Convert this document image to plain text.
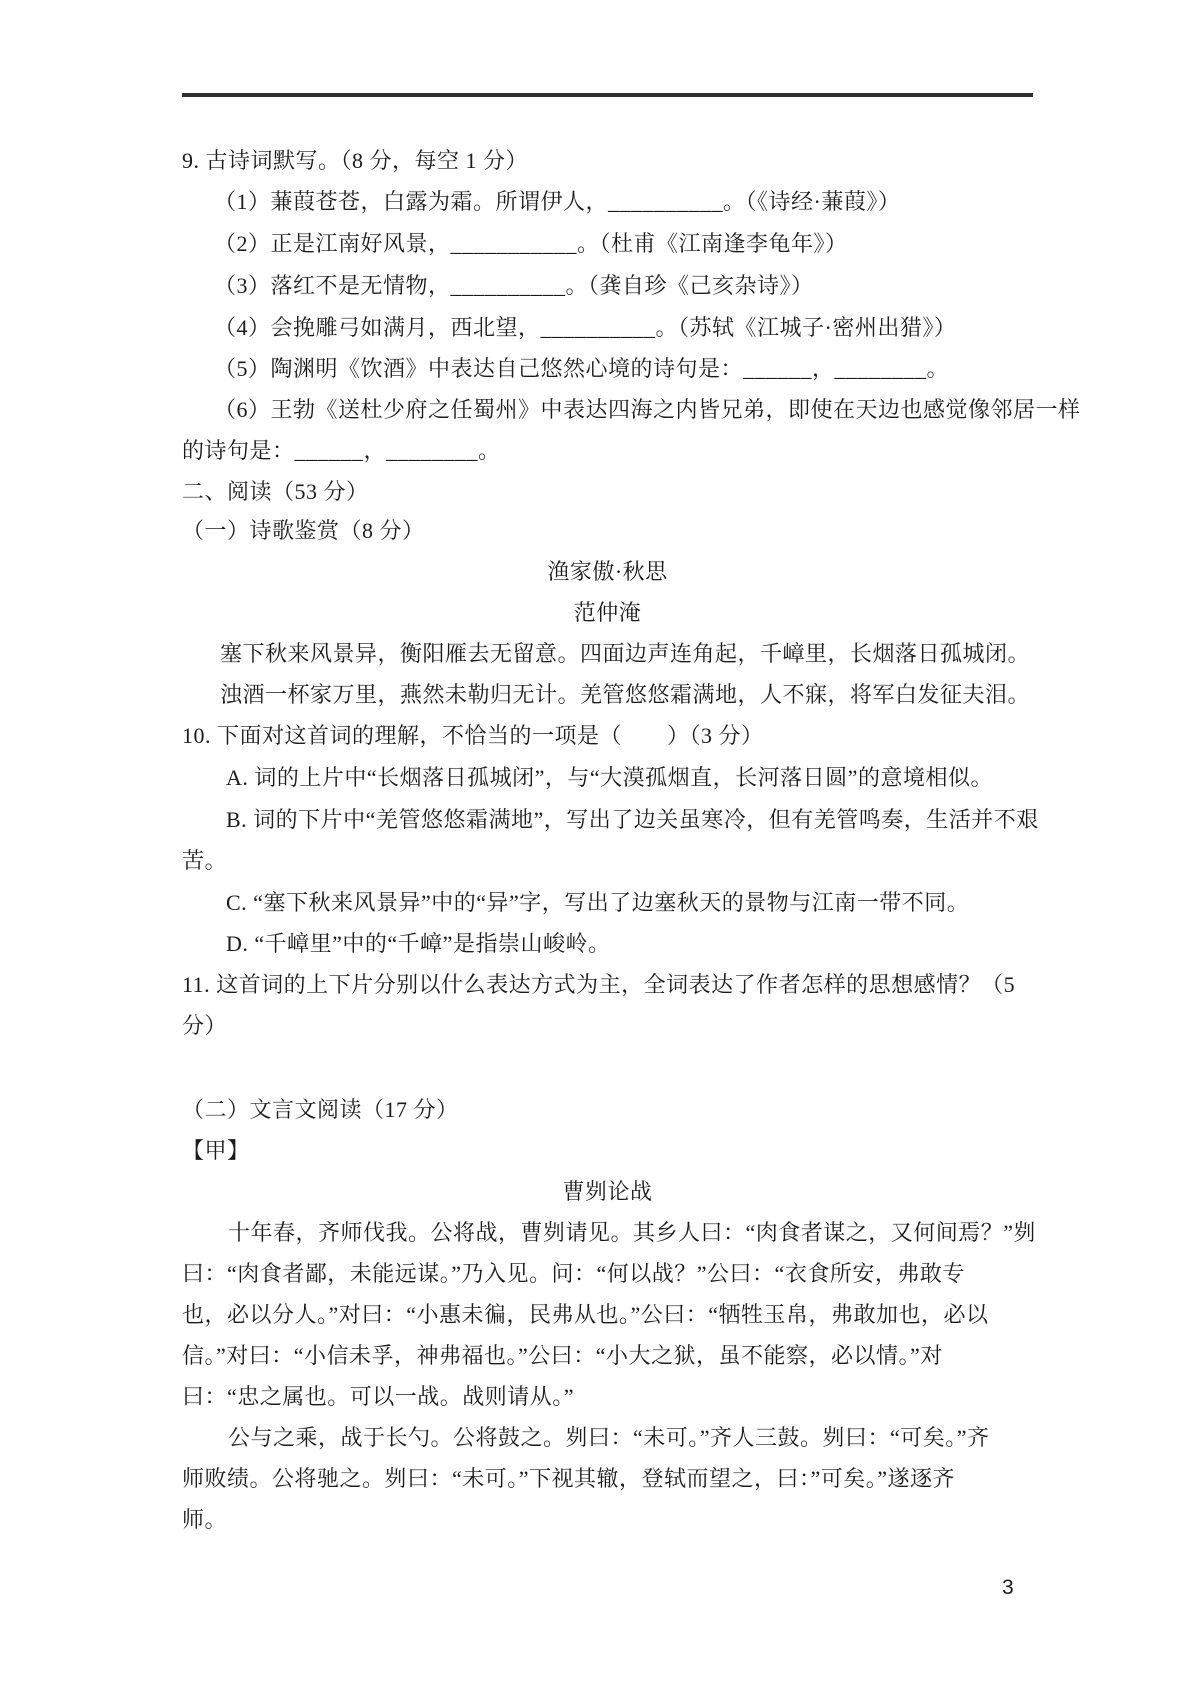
9. 古诗词默写。（8 分，每空 1 分）
（1）蒹葭苍苍，白露为霜。所谓伊人，__________。（《诗经·蒹葭》）
（2）正是江南好风景，___________。（杜甫《江南逢李龟年》）
（3）落红不是无情物，__________。（龚自珍《己亥杂诗》）
（4）会挽雕弓如满月，西北望，__________。（苏轼《江城子·密州出猎》）
（5）陶渊明《饮酒》中表达自己悠然心境的诗句是：______，________。
（6）王勃《送杜少府之任蜀州》中表达四海之内皆兄弟，即使在天边也感觉像邻居一样
的诗句是：______，________。
二、阅读（53 分）
（一）诗歌鉴赏（8 分）
渔家傲·秋思
范仲淹
塞下秋来风景异，衡阳雁去无留意。四面边声连角起，千嶂里，长烟落日孤城闭。
浊酒一杯家万里，燕然未勒归无计。羌管悠悠霜满地，人不寐，将军白发征夫泪。
10. 下面对这首词的理解，不恰当的一项是（　　）（3 分）
A. 词的上片中“长烟落日孤城闭”，与“大漠孤烟直，长河落日圆”的意境相似。
B. 词的下片中“羌管悠悠霜满地”，写出了边关虽寒冷，但有羌管鸣奏，生活并不艰
苦。
C. “塞下秋来风景异”中的“异”字，写出了边塞秋天的景物与江南一带不同。
D. “千嶂里”中的“千嶂”是指崇山峻岭。
11. 这首词的上下片分别以什么表达方式为主，全词表达了作者怎样的思想感情？（5
分）
（二）文言文阅读（17 分）
【甲】
曹刿论战
十年春，齐师伐我。公将战，曹刿请见。其乡人曰：“肉食者谋之，又何间焉？”刿
曰：“肉食者鄙，未能远谋。”乃入见。问：“何以战？”公曰：“衣食所安，弗敢专
也，必以分人。”对曰：“小惠未徧，民弗从也。”公曰：“牺牲玉帛，弗敢加也，必以
信。”对曰：“小信未孚，神弗福也。”公曰：“小大之狱，虽不能察，必以情。”对
曰：“忠之属也。可以一战。战则请从。”
公与之乘，战于长勺。公将鼓之。刿曰：“未可。”齐人三鼓。刿曰：“可矣。”齐
师败绩。公将驰之。刿曰：“未可。”下视其辙，登轼而望之，曰：”可矣。”遂逐齐
师。
3
